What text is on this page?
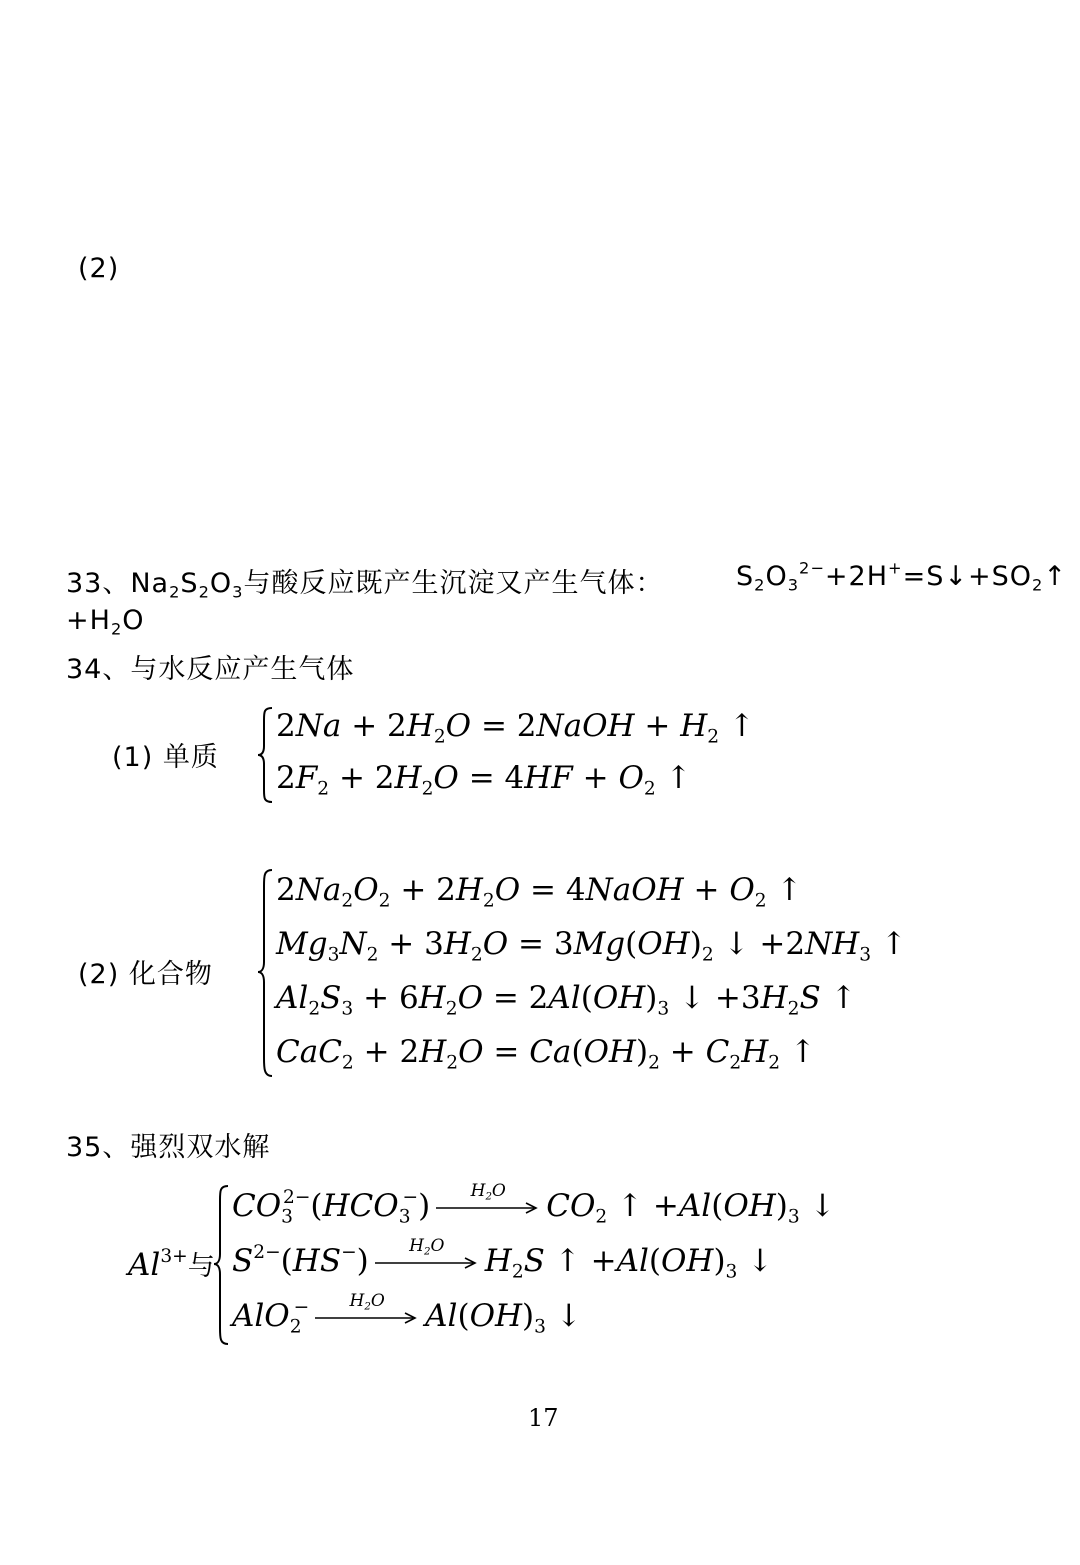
(2)
33、$Na_2S_2O_3$与酸反应既产生沉淀又产生气体：	$S_2O_3^{2-}+2H^+=S↓+SO_2↑$
$+H_2O$
34、与水反应产生气体
(1) 单质
$2Na + 2H_2O$ = 2NaOH + $H_2$ ↑
$2F_2 + 2H_2O = 4HF + O_2$ ↑
(2) 化合物
$2Na_2O_2 + 2H_2O$ = 4NaOH + $O_2$ ↑
$Mg_3N_2 + 3H_2O = 3Mg(OH)_2$ ↓ $+2NH_3$ ↑
$Al_2S_3 + 6H_2O = 2Al(OH)_3$ ↓ $+3H_2S$ ↑
$CaC_2 + 2H_2O = Ca(OH)_2 + C_2H_2$ ↑
35、强烈双水解
$Al^{3+}$与
$CO_3^{2-}(HCO_3^-)$	$H_2O$	$CO_2$ ↑ $+Al(OH)_3$ ↓
$S^{2-}(HS^-)$	$H_2O$	$H_2S$ ↑ $+Al(OH)_3$ ↓
AlO$_2$−	$H_2O$	$Al(OH)_3$ ↓
17
